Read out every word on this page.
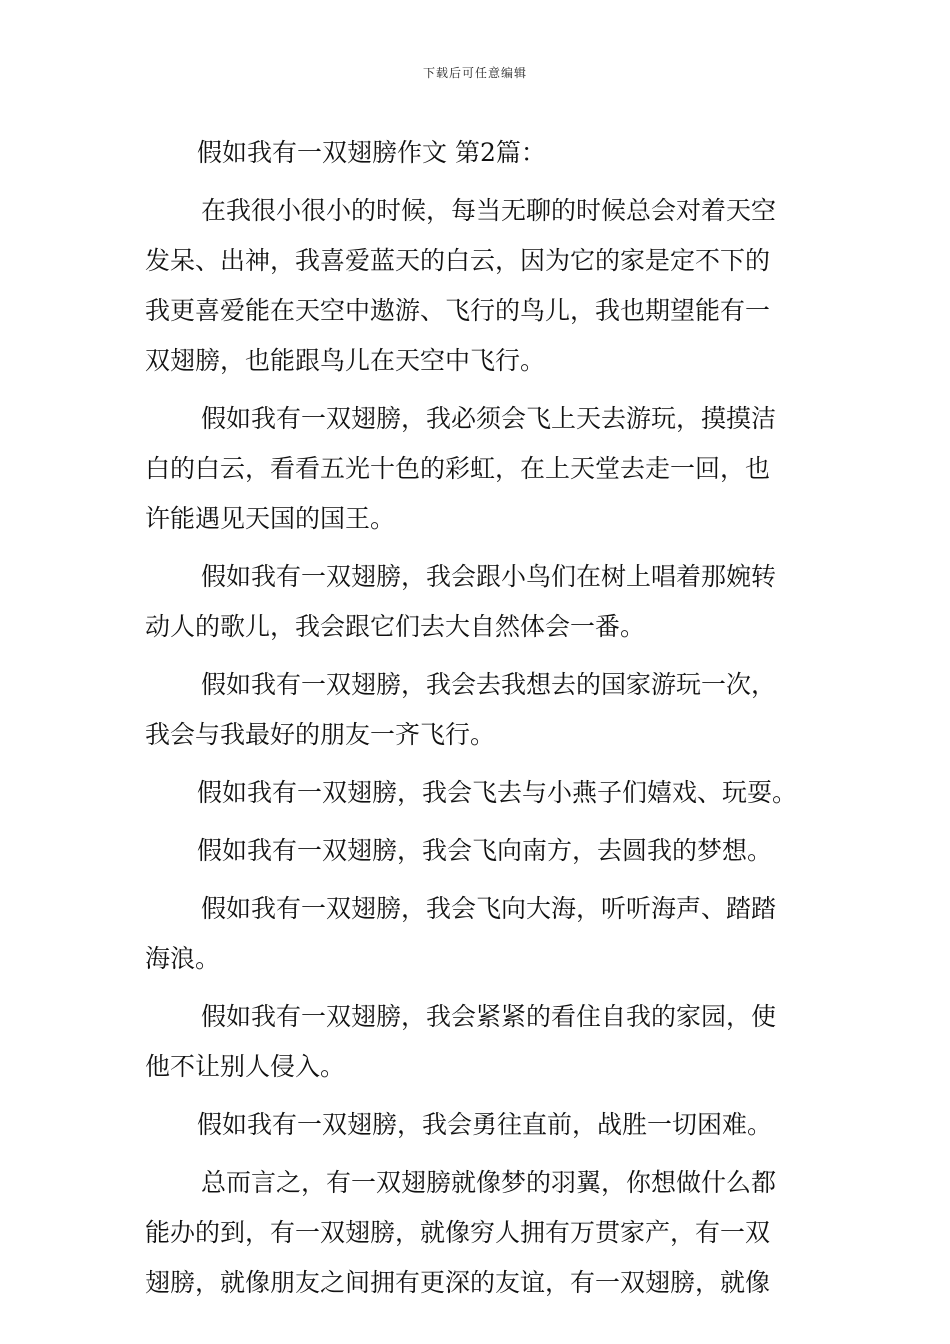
下载后可任意编辑
假如我有一双翅膀作文 第2篇：
在我很小很小的时候，每当无聊的时候总会对着天空
发呆、出神，我喜爱蓝天的白云，因为它的家是定不下的
我更喜爱能在天空中遨游、飞行的鸟儿，我也期望能有一
双翅膀，也能跟鸟儿在天空中飞行。
假如我有一双翅膀，我必须会飞上天去游玩，摸摸洁
白的白云，看看五光十色的彩虹，在上天堂去走一回，也
许能遇见天国的国王。
假如我有一双翅膀，我会跟小鸟们在树上唱着那婉转
动人的歌儿，我会跟它们去大自然体会一番。
假如我有一双翅膀，我会去我想去的国家游玩一次，
我会与我最好的朋友一齐飞行。
假如我有一双翅膀，我会飞去与小燕子们嬉戏、玩耍。
假如我有一双翅膀，我会飞向南方，去圆我的梦想。
假如我有一双翅膀，我会飞向大海，听听海声、踏踏
海浪。
假如我有一双翅膀，我会紧紧的看住自我的家园，使
他不让别人侵入。
假如我有一双翅膀，我会勇往直前，战胜一切困难。
总而言之，有一双翅膀就像梦的羽翼，你想做什么都
能办的到，有一双翅膀，就像穷人拥有万贯家产，有一双
翅膀，就像朋友之间拥有更深的友谊，有一双翅膀，就像
